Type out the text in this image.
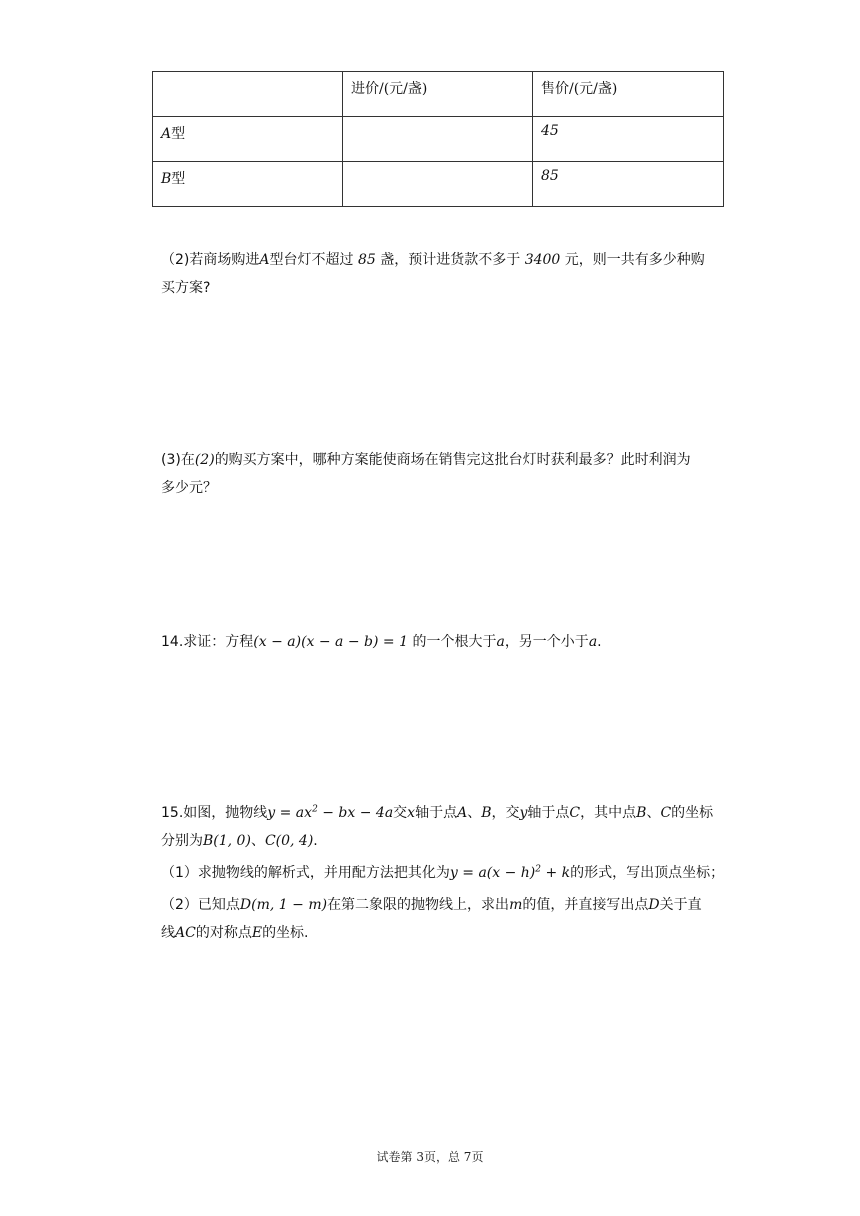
	进价/(元/盏)	售价/(元/盏)
A型		45
B型		85
（2)若商场购进A型台灯不超过 85 盏，预计进货款不多于 3400 元，则一共有多少种购
买方案?
(3)在(2)的购买方案中，哪种方案能使商场在销售完这批台灯时获利最多？此时利润为
多少元？
14.求证：方程(x − a)(x − a − b) = 1 的一个根大于a，另一个小于a.
15.如图，抛物线$y = ax^2$ − bx − 4a交x轴于点A、B，交y轴于点C，其中点B、C的坐标
分别为B(1, 0)、C(0, 4).
（1）求抛物线的解析式，并用配方法把其化为$y = a(x - h)^2 + k$的形式，写出顶点坐标；
（2）已知点D(m, 1 − m)在第二象限的抛物线上，求出m的值，并直接写出点D关于直
线AC的对称点E的坐标.
试卷第 3页，总 7页
